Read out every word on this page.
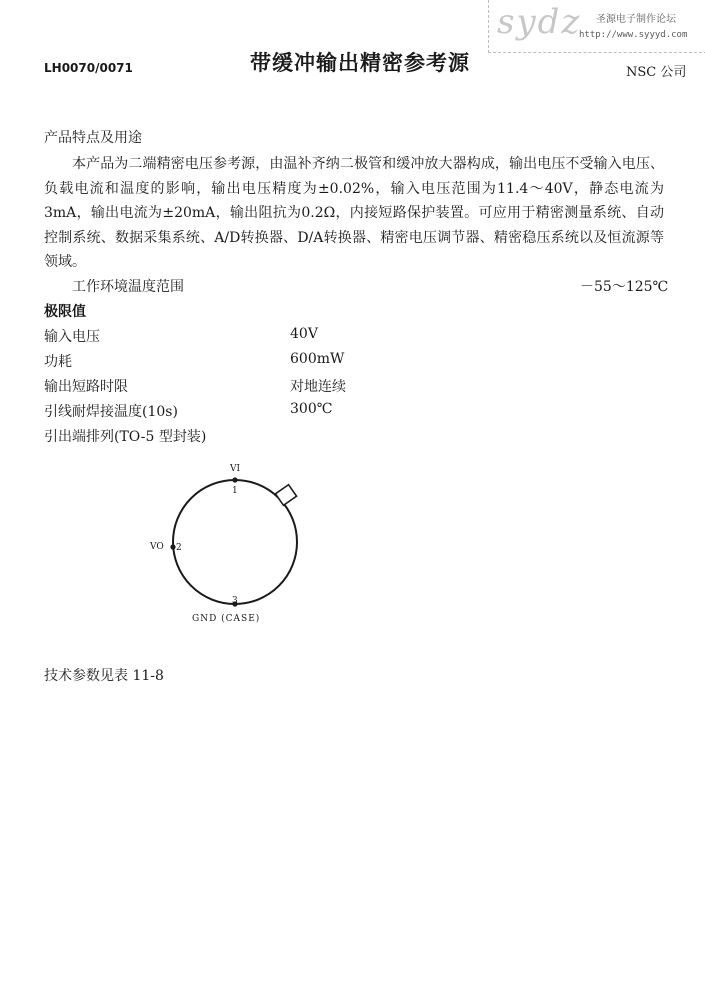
sydz 圣源电子制作论坛
http://www.syyyd.com
LH0070/0071	带缓冲输出精密参考源	NSC 公司
产品特点及用途
本产品为二端精密电压参考源，由温补齐纳二极管和缓冲放大器构成，输出电压不受输入电压、负载电流和温度的影响，输出电压精度为±0.02%，输入电压范围为11.4～40V，静态电流为3mA，输出电流为±20mA，输出阻抗为0.2Ω，内接短路保护装置。可应用于精密测量系统、自动控制系统、数据采集系统、A/D转换器、D/A转换器、精密电压调节器、精密稳压系统以及恒流源等领域。
工作环境温度范围	－55～125℃
极限值
输入电压	40V
功耗	600mW
输出短路时限	对地连续
引线耐焊接温度(10s)	300℃
引出端排列(TO-5 型封装)
VI
1
VO 2
3
GND (CASE)
技术参数见表 11-8
